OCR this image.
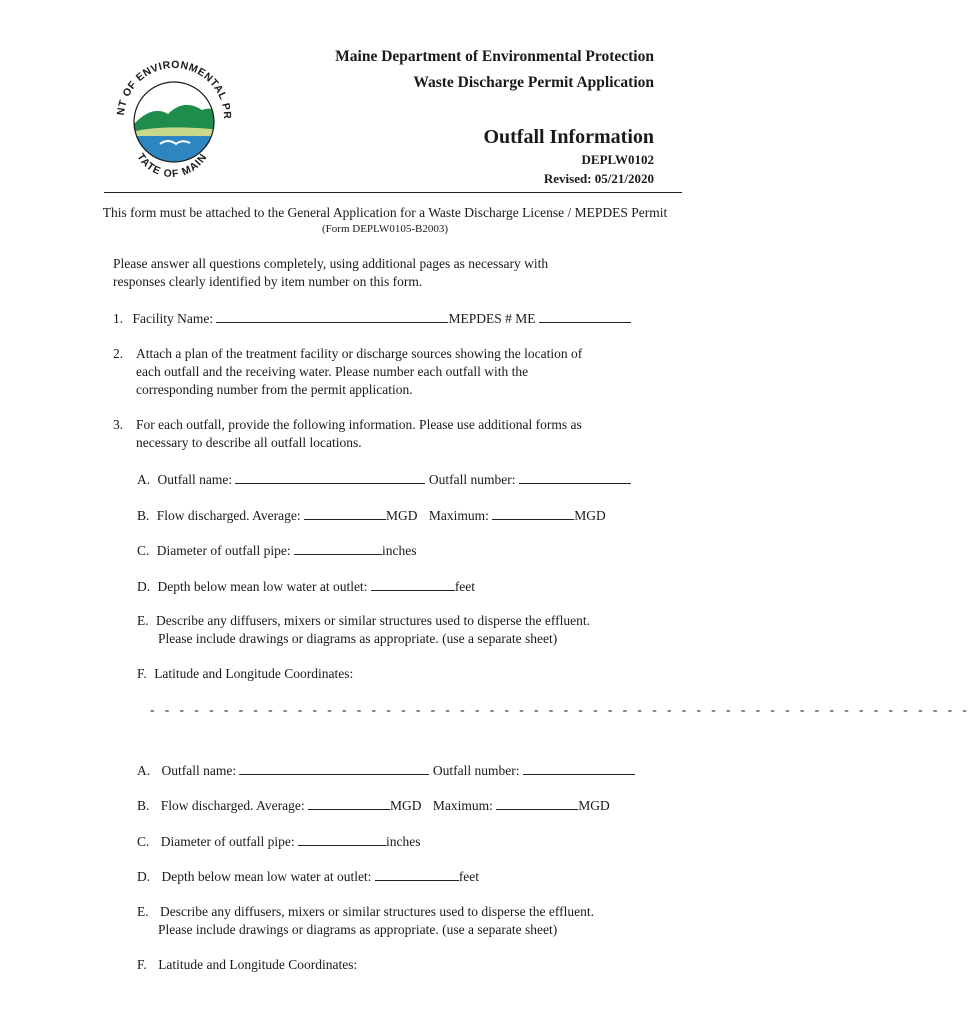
NT OF ENVIRONMENTAL PR
TATE OF MAIN
Maine Department of Environmental Protection
Waste Discharge Permit Application
Outfall Information
DEPLW0102
Revised: 05/21/2020
This form must be attached to the General Application for a Waste Discharge License / MEPDES Permit
(Form DEPLW0105-B2003)
Please answer all questions completely, using additional pages as necessary with
responses clearly identified by item number on this form.
1. Facility Name:	MEPDES # ME
2. Attach a plan of the treatment facility or discharge sources showing the location of
each outfall and the receiving water. Please number each outfall with the
corresponding number from the permit application.
3. For each outfall, provide the following information. Please use additional forms as
necessary to describe all outfall locations.
A. Outfall name:	Outfall number:
B. Flow discharged. Average:	MGD Maximum:	MGD
C. Diameter of outfall pipe:	inches
D. Depth below mean low water at outlet:	feet
E. Describe any diffusers, mixers or similar structures used to disperse the effluent.
Please include drawings or diagrams as appropriate. (use a separate sheet)
F. Latitude and Longitude Coordinates:
- - - - - - - - - - - - - - - - - - - - - - - - - - - - - - - - - - - - - - - - - - - - - - - - - - - - - - - -
A. Outfall name:	Outfall number:
B. Flow discharged. Average:	MGD Maximum:	MGD
C. Diameter of outfall pipe:	inches
D. Depth below mean low water at outlet:	feet
E. Describe any diffusers, mixers or similar structures used to disperse the effluent.
Please include drawings or diagrams as appropriate. (use a separate sheet)
F. Latitude and Longitude Coordinates:
